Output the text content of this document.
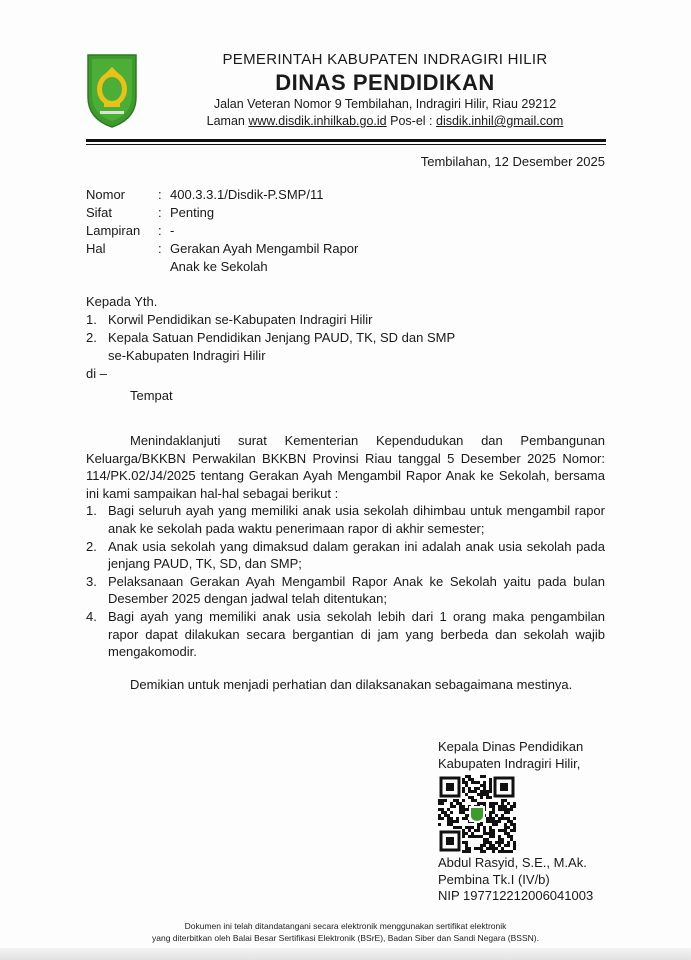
PEMERINTAH KABUPATEN INDRAGIRI HILIR
DINAS PENDIDIKAN
Jalan Veteran Nomor 9 Tembilahan, Indragiri Hilir, Riau 29212
Laman www.disdik.inhilkab.go.id Pos-el : disdik.inhil@gmail.com
Tembilahan, 12 Desember 2025
Nomor	: 400.3.3.1/Disdik-P.SMP/11
Sifat	: Penting
Lampiran	: -
Hal	: Gerakan Ayah Mengambil Rapor
Anak ke Sekolah
Kepada Yth.
1. Korwil Pendidikan se-Kabupaten Indragiri Hilir
2. Kepala Satuan Pendidikan Jenjang PAUD, TK, SD dan SMP
se-Kabupaten Indragiri Hilir
di –
Tempat

Menindaklanjuti surat Kementerian Kependudukan dan Pembangunan Keluarga/BKKBN Perwakilan BKKBN Provinsi Riau tanggal 5 Desember 2025 Nomor: 114/PK.02/J4/2025 tentang Gerakan Ayah Mengambil Rapor Anak ke Sekolah, bersama ini kami sampaikan hal-hal sebagai berikut :

1. Bagi seluruh ayah yang memiliki anak usia sekolah dihimbau untuk mengambil rapor anak ke sekolah pada waktu penerimaan rapor di akhir semester;
2. Anak usia sekolah yang dimaksud dalam gerakan ini adalah anak usia sekolah pada jenjang PAUD, TK, SD, dan SMP;
3. Pelaksanaan Gerakan Ayah Mengambil Rapor Anak ke Sekolah yaitu pada bulan Desember 2025 dengan jadwal telah ditentukan;
4. Bagi ayah yang memiliki anak usia sekolah lebih dari 1 orang maka pengambilan rapor dapat dilakukan secara bergantian di jam yang berbeda dan sekolah wajib mengakomodir.
Demikian untuk menjadi perhatian dan dilaksanakan sebagaimana mestinya.
Kepala Dinas Pendidikan
Kabupaten Indragiri Hilir,
Abdul Rasyid, S.E., M.Ak.
Pembina Tk.I (IV/b)
NIP 197712212006041003
Dokumen ini telah ditandatangani secara elektronik menggunakan sertifikat elektronik
yang diterbitkan oleh Balai Besar Sertifikasi Elektronik (BSrE), Badan Siber dan Sandi Negara (BSSN).
